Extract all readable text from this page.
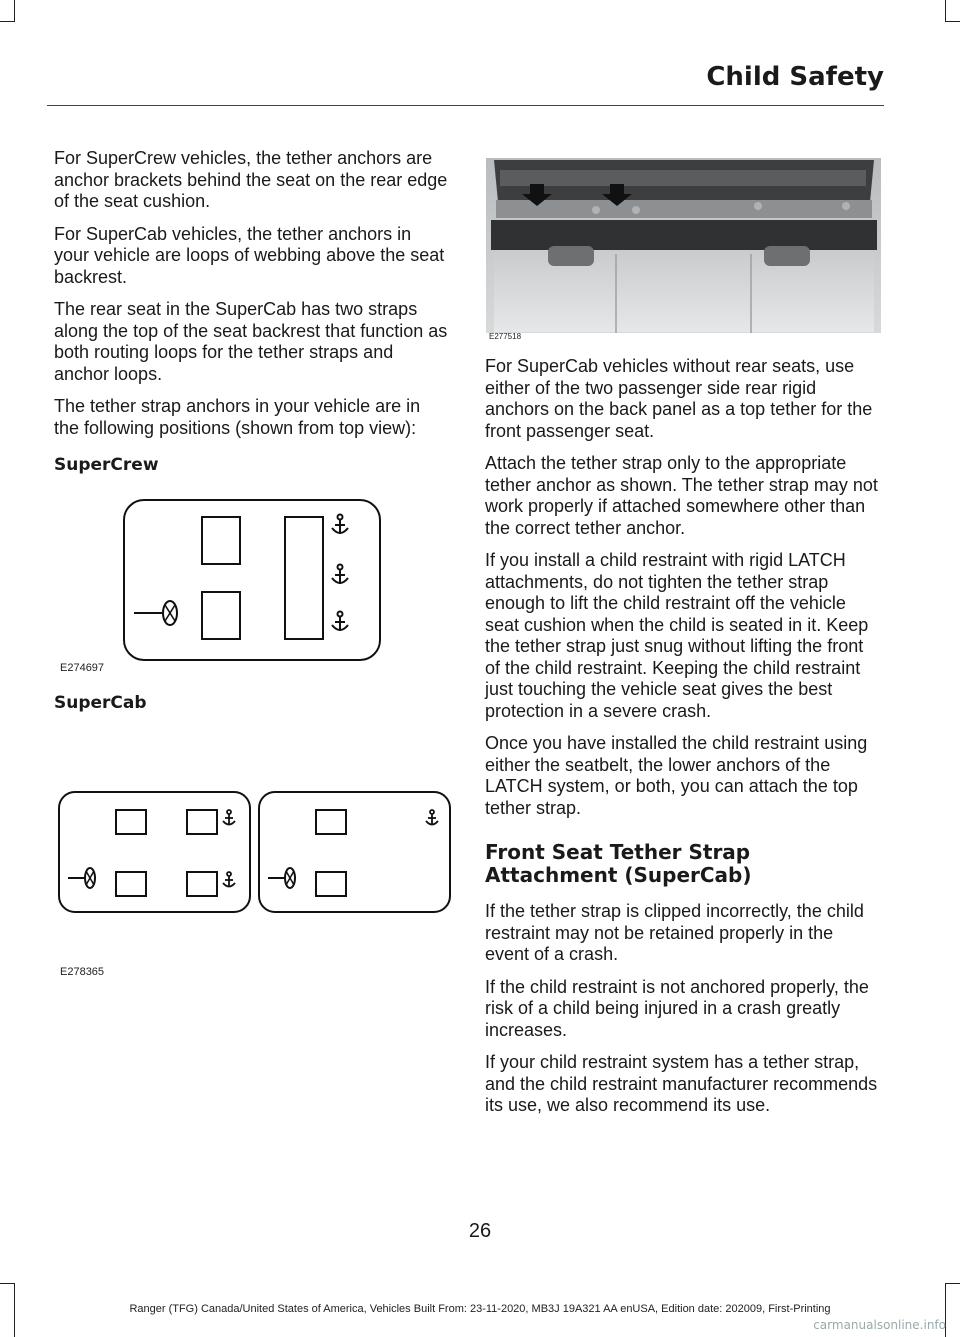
Child Safety

For SuperCrew vehicles, the tether anchors are anchor brackets behind the seat on the rear edge of the seat cushion.

For SuperCab vehicles, the tether anchors in your vehicle are loops of webbing above the seat backrest.

The rear seat in the SuperCab has two straps along the top of the seat backrest that function as both routing loops for the tether straps and anchor loops.

The tether strap anchors in your vehicle are in the following positions (shown from top view):

SuperCrew
E274697
SuperCab
E278365
E277518

For SuperCab vehicles without rear seats, use either of the two passenger side rear rigid anchors on the back panel as a top tether for the front passenger seat.

Attach the tether strap only to the appropriate tether anchor as shown. The tether strap may not work properly if attached somewhere other than the correct tether anchor.

If you install a child restraint with rigid LATCH attachments, do not tighten the tether strap enough to lift the child restraint off the vehicle seat cushion when the child is seated in it. Keep the tether strap just snug without lifting the front of the child restraint. Keeping the child restraint just touching the vehicle seat gives the best protection in a severe crash.

Once you have installed the child restraint using either the seatbelt, the lower anchors of the LATCH system, or both, you can attach the top tether strap.

Front Seat Tether Strap Attachment (SuperCab)

If the tether strap is clipped incorrectly, the child restraint may not be retained properly in the event of a crash.

If the child restraint is not anchored properly, the risk of a child being injured in a crash greatly increases.

If your child restraint system has a tether strap, and the child restraint manufacturer recommends its use, we also recommend its use.

26
Ranger (TFG) Canada/United States of America, Vehicles Built From: 23-11-2020, MB3J 19A321 AA enUSA, Edition date: 202009, First-Printing
carmanualsonline.info
